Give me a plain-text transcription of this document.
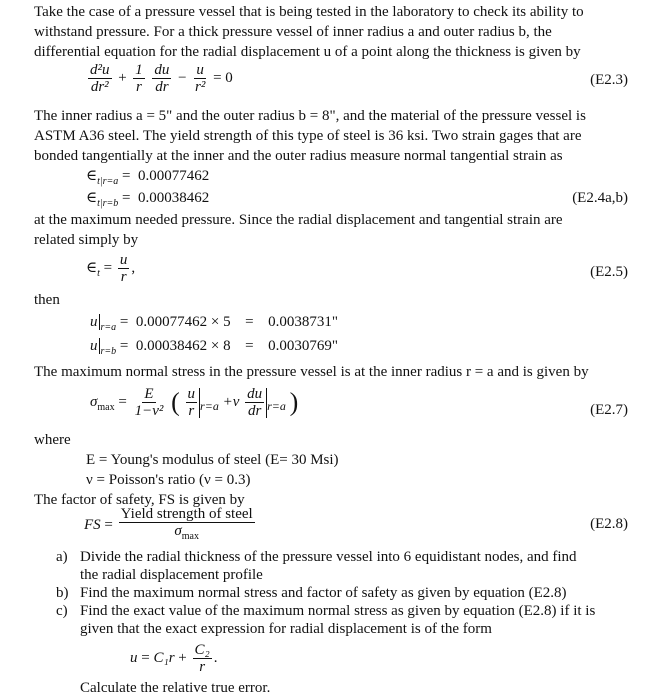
Take the case of a pressure vessel that is being tested in the laboratory to check its ability to
withstand pressure. For a thick pressure vessel of inner radius a and outer radius b, the
differential equation for the radial displacement u of a point along the thickness is given by
$\frac{\text{d²u}}{\text{dr²}} + \frac{1}{r}$
$\frac{du}{dr} - \frac{u}{\text{r²}} = 0$	(E2.3)
The inner radius a = 5" and the outer radius b = 8", and the material of the pressure vessel is
ASTM A36 steel. The yield strength of this type of steel is 36 ksi. Two strain gages that are
bonded tangentially at the inner and the outer radius measure normal tangential strain as
$\in_{t|r=a} = 0.00077462$
$\in_{t|r=b} = 0.00038462$	(E2.4a,b)
at the maximum needed pressure. Since the radial displacement and tangential strain are
related simply by
$\in_t = \frac{u}{r}$ ,	(E2.5)
then
u $_{r=a}$ = 0.00077462 × 5 = 0.0038731"
u $_{r=b}$ = 0.00038462 × 8 = 0.0030769"
The maximum normal stress in the pressure vessel is at the inner radius r = a and is given by
$\sigma_{max} = \frac{E}{\text{1−ν²}}$ ( $\frac{u}{r} _{r=a} +\nu \frac{du}{dr} _{r=a}$ )	(E2.7)
where
E = Young's modulus of steel (E= 30 Msi)
ν = Poisson's ratio (ν = 0.3)
The factor of safety, FS is given by
FS = $\frac{\text{Yield strength of steel}}{\sigma_{max}}$	(E2.8)
a) Divide the radial thickness of the pressure vessel into 6 equidistant nodes, and find
the radial displacement profile
b) Find the maximum normal stress and factor of safety as given by equation (E2.8)
c) Find the exact value of the maximum normal stress as given by equation (E2.8) if it is
given that the exact expression for radial displacement is of the form
$u = C_1r + \frac{\text{C₂}}{r}$ .
Calculate the relative true error.
